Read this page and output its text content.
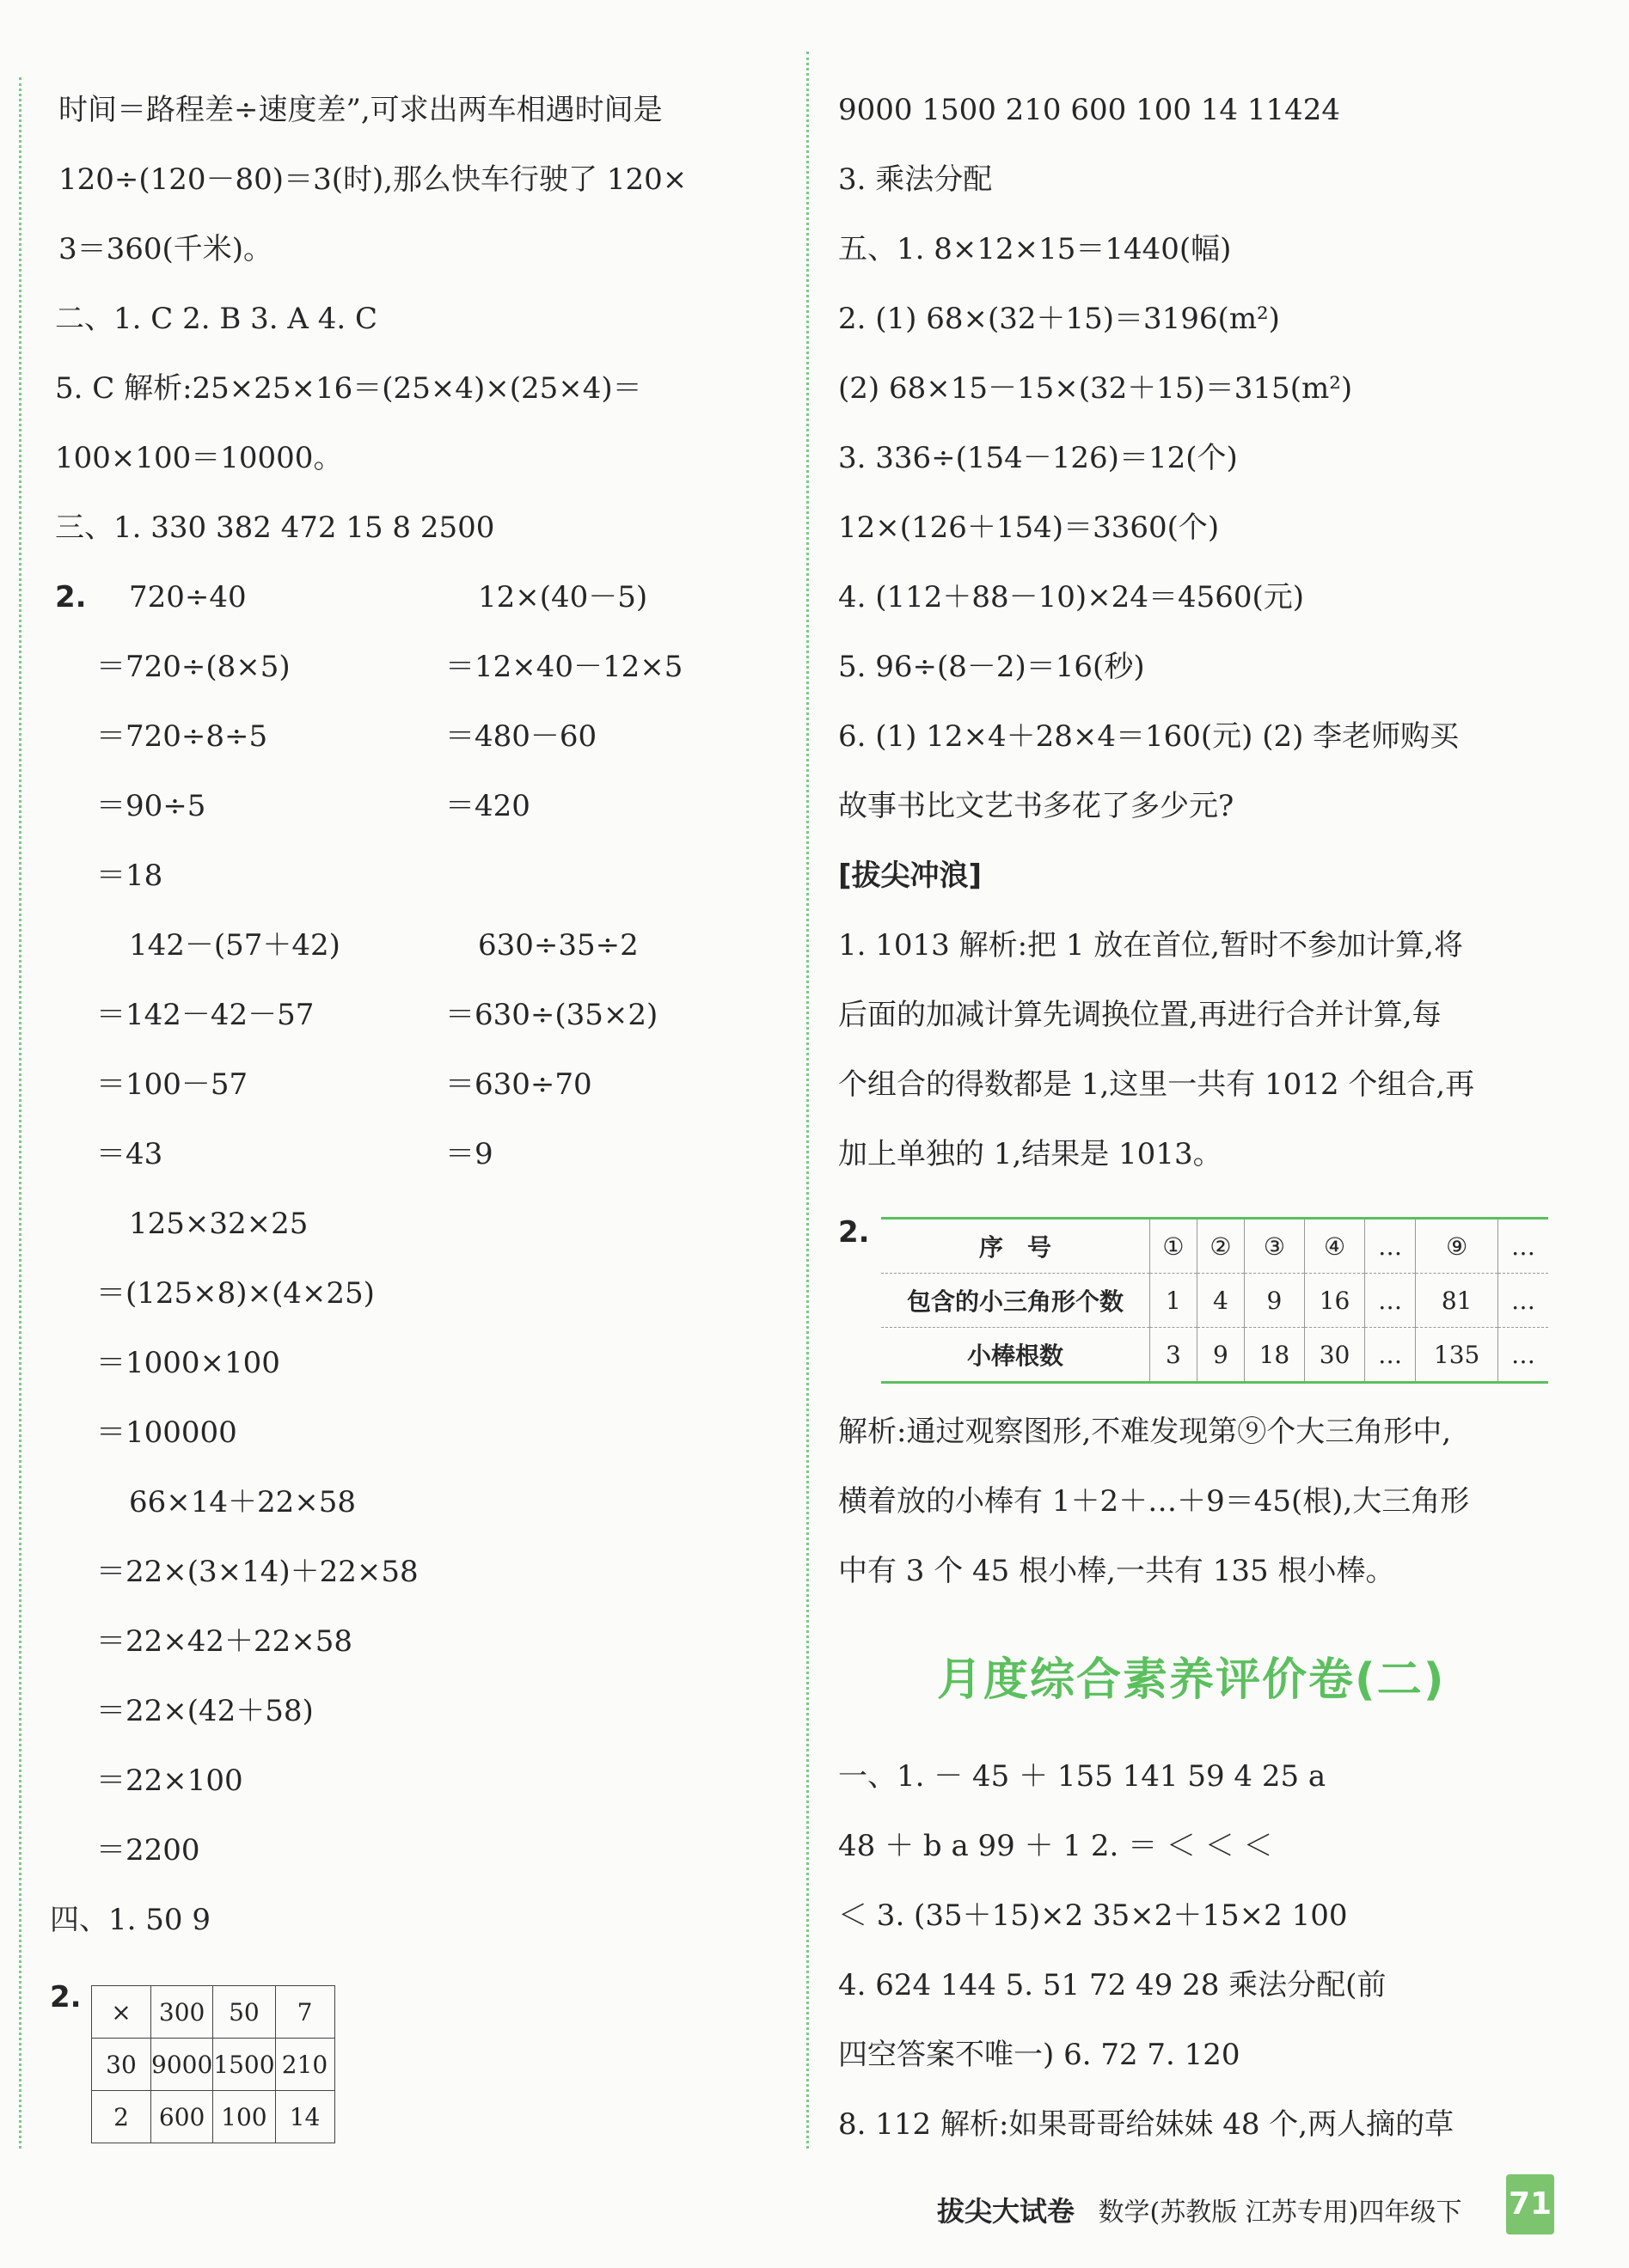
时间＝路程差÷速度差”,可求出两车相遇时间是
120÷(120－80)＝3(时),那么快车行驶了 120×
3＝360(千米)。
二、1. C 2. B 3. A 4. C
5. C 解析:25×25×16＝(25×4)×(25×4)＝
100×100＝10000。
三、1. 330 382 472 15 8 2500
2. 720÷40
＝720÷(8×5)
＝720÷8÷5
＝90÷5
＝18
12×(40－5)
＝12×40－12×5
＝480－60
＝420
142－(57＋42)
＝142－42－57
＝100－57
＝43
630÷35÷2
＝630÷(35×2)
＝630÷70
＝9
125×32×25
＝(125×8)×(4×25)
＝1000×100
＝100000
66×14＋22×58
＝22×(3×14)＋22×58
＝22×42＋22×58
＝22×(42＋58)
＝22×100
＝2200
四、1. 50 9
2. ×	300	50	7
30	9000	1500	210
2	600	100	14
9000 1500 210 600 100 14 11424
3. 乘法分配
五、1. 8×12×15＝1440(幅)
2. (1) 68×(32＋15)＝3196(m²)
(2) 68×15－15×(32＋15)＝315(m²)
3. 336÷(154－126)＝12(个)
12×(126＋154)＝3360(个)
4. (112＋88－10)×24＝4560(元)
5. 96÷(8－2)＝16(秒)
6. (1) 12×4＋28×4＝160(元) (2) 李老师购买
故事书比文艺书多花了多少元?
[拔尖冲浪]
1. 1013 解析:把 1 放在首位,暂时不参加计算,将
后面的加减计算先调换位置,再进行合并计算,每
个组合的得数都是 1,这里一共有 1012 个组合,再
加上单独的 1,结果是 1013。
2.	序　号	①	②	③	④	…	⑨	…
包含的小三角形个数	1	4	9	16	…	81	…
小棒根数	3	9	18	30	…	135	…
解析:通过观察图形,不难发现第⑨个大三角形中,
横着放的小棒有 1＋2＋…＋9＝45(根),大三角形
中有 3 个 45 根小棒,一共有 135 根小棒。
月度综合素养评价卷(二)
一、1. － 45 ＋ 155 141 59 4 25 a
48 ＋ b a 99 ＋ 1 2. ＝ ＜ ＜ ＜
＜ 3. (35＋15)×2 35×2＋15×2 100
4. 624 144 5. 51 72 49 28 乘法分配(前
四空答案不唯一) 6. 72 7. 120
8. 112 解析:如果哥哥给妹妹 48 个,两人摘的草
拔尖大试卷 数学(苏教版 江苏专用)四年级下 71
